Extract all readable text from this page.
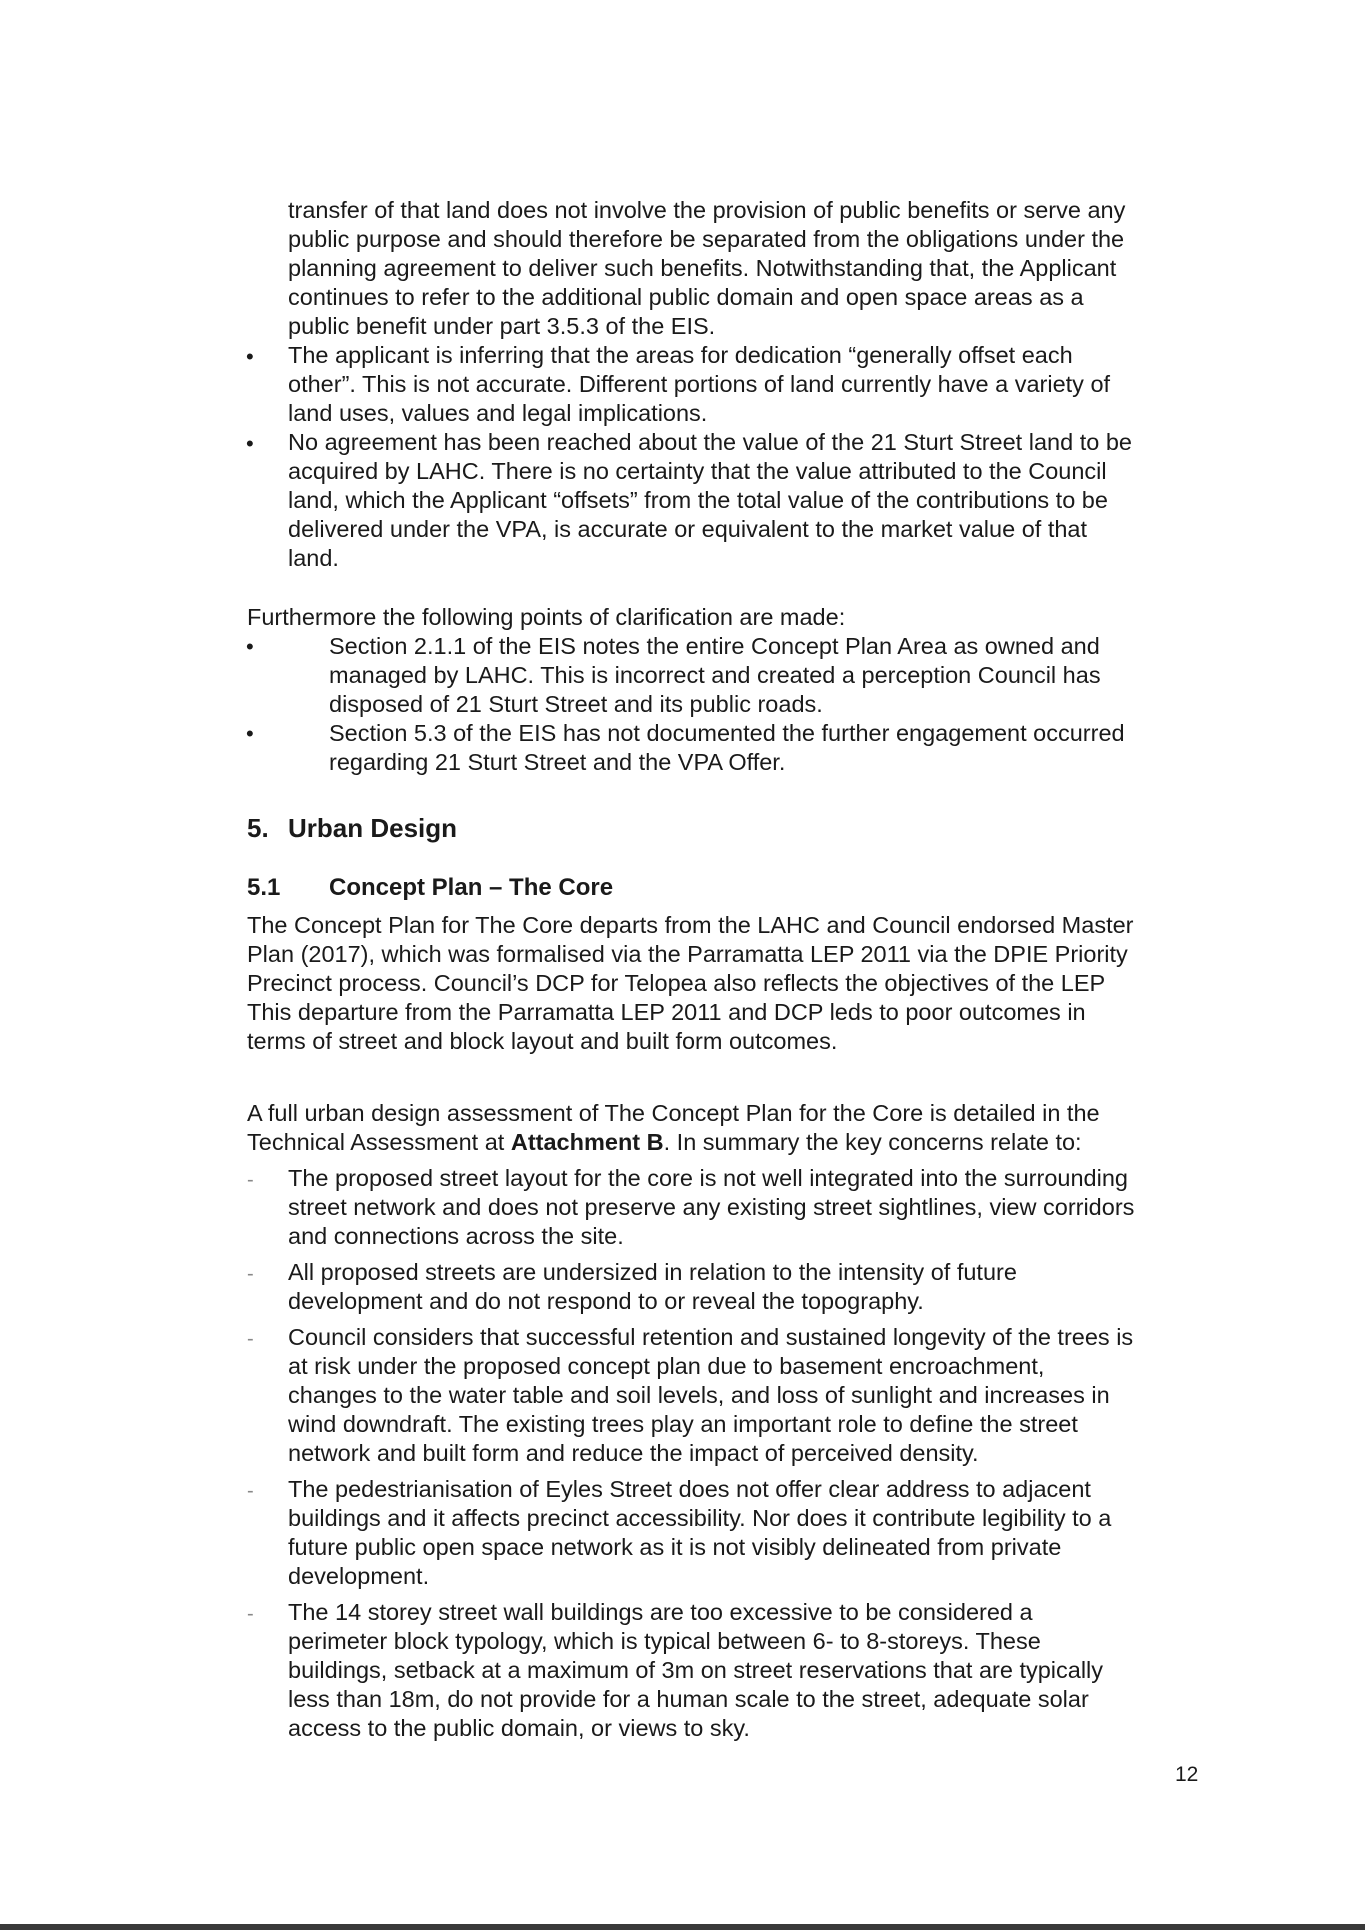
transfer of that land does not involve the provision of public benefits or serve any
public purpose and should therefore be separated from the obligations under the
planning agreement to deliver such benefits. Notwithstanding that, the Applicant
continues to refer to the additional public domain and open space areas as a
public benefit under part 3.5.3 of the EIS.
• The applicant is inferring that the areas for dedication “generally offset each
other”. This is not accurate. Different portions of land currently have a variety of
land uses, values and legal implications.
• No agreement has been reached about the value of the 21 Sturt Street land to be
acquired by LAHC. There is no certainty that the value attributed to the Council
land, which the Applicant “offsets” from the total value of the contributions to be
delivered under the VPA, is accurate or equivalent to the market value of that
land.
Furthermore the following points of clarification are made:
•	Section 2.1.1 of the EIS notes the entire Concept Plan Area as owned and
managed by LAHC. This is incorrect and created a perception Council has
disposed of 21 Sturt Street and its public roads.
•	Section 5.3 of the EIS has not documented the further engagement occurred
regarding 21 Sturt Street and the VPA Offer.
5. Urban Design
5.1 Concept Plan – The Core
The Concept Plan for The Core departs from the LAHC and Council endorsed Master
Plan (2017), which was formalised via the Parramatta LEP 2011 via the DPIE Priority
Precinct process. Council’s DCP for Telopea also reflects the objectives of the LEP
This departure from the Parramatta LEP 2011 and DCP leds to poor outcomes in
terms of street and block layout and built form outcomes.
A full urban design assessment of The Concept Plan for the Core is detailed in the
Technical Assessment at Attachment B. In summary the key concerns relate to:
- The proposed street layout for the core is not well integrated into the surrounding
street network and does not preserve any existing street sightlines, view corridors
and connections across the site.
- All proposed streets are undersized in relation to the intensity of future
development and do not respond to or reveal the topography.
- Council considers that successful retention and sustained longevity of the trees is
at risk under the proposed concept plan due to basement encroachment,
changes to the water table and soil levels, and loss of sunlight and increases in
wind downdraft. The existing trees play an important role to define the street
network and built form and reduce the impact of perceived density.
- The pedestrianisation of Eyles Street does not offer clear address to adjacent
buildings and it affects precinct accessibility. Nor does it contribute legibility to a
future public open space network as it is not visibly delineated from private
development.
- The 14 storey street wall buildings are too excessive to be considered a
perimeter block typology, which is typical between 6- to 8-storeys. These
buildings, setback at a maximum of 3m on street reservations that are typically
less than 18m, do not provide for a human scale to the street, adequate solar
access to the public domain, or views to sky.
12
